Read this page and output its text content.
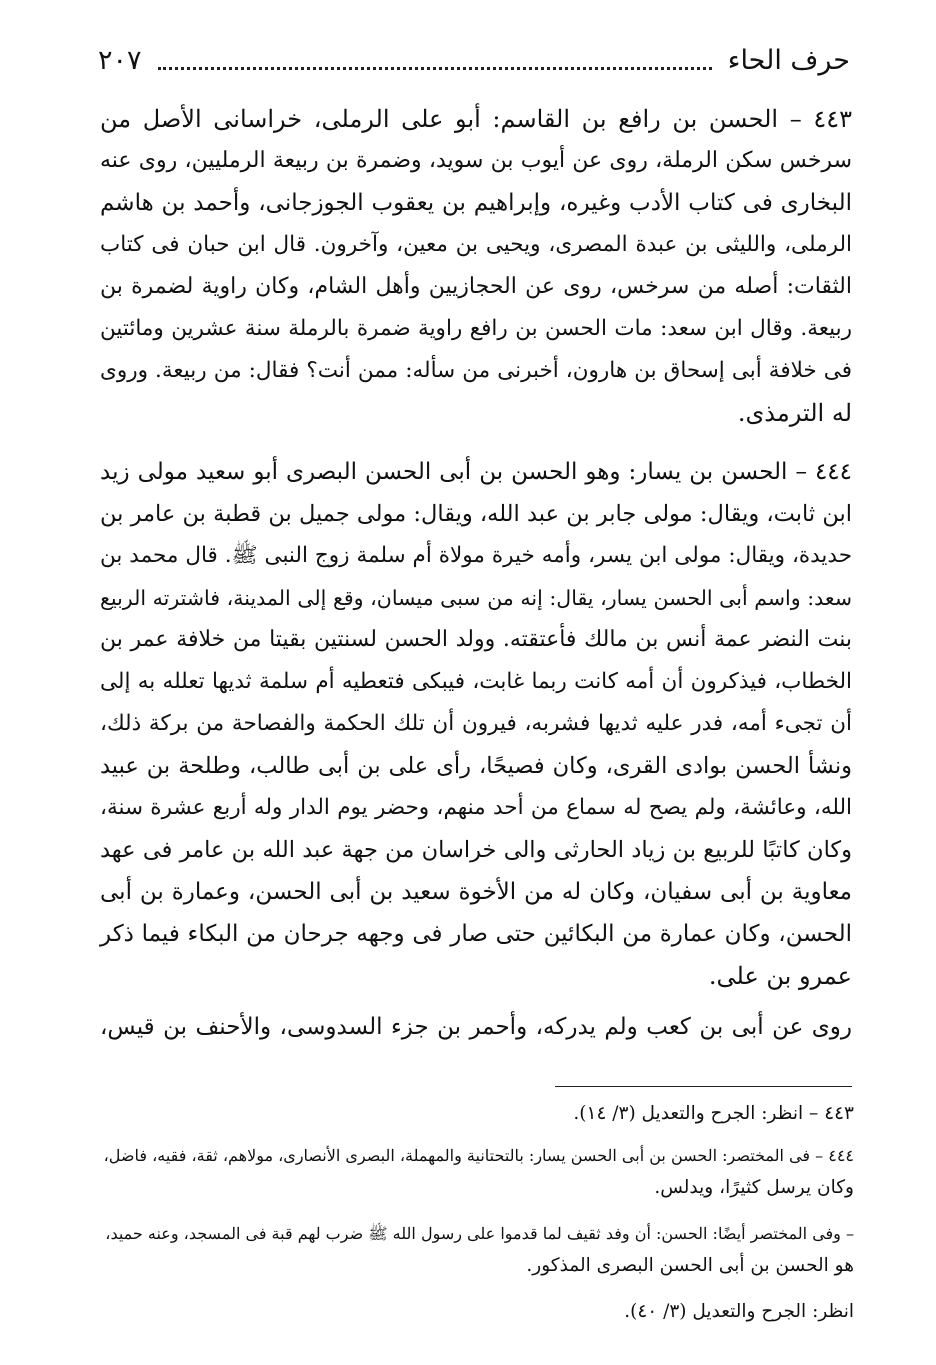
حرف الحاء
٢٠٧
٤٤٣ – الحسن بن رافع بن القاسم: أبو على الرملى، خراسانى الأصل من
سرخس سكن الرملة، روى عن أيوب بن سويد، وضمرة بن ربيعة الرمليين، روى عنه
البخارى فى كتاب الأدب وغيره، وإبراهيم بن يعقوب الجوزجانى، وأحمد بن هاشم
الرملى، والليثى بن عبدة المصرى، ويحيى بن معين، وآخرون. قال ابن حبان فى كتاب
الثقات: أصله من سرخس، روى عن الحجازيين وأهل الشام، وكان راوية لضمرة بن
ربيعة. وقال ابن سعد: مات الحسن بن رافع راوية ضمرة بالرملة سنة عشرين ومائتين
فى خلافة أبى إسحاق بن هارون، أخبرنى من سأله: ممن أنت؟ فقال: من ربيعة. وروى
له الترمذى.
٤٤٤ – الحسن بن يسار: وهو الحسن بن أبى الحسن البصرى أبو سعيد مولى زيد
ابن ثابت، ويقال: مولى جابر بن عبد الله، ويقال: مولى جميل بن قطبة بن عامر بن
حديدة، ويقال: مولى ابن يسر، وأمه خيرة مولاة أم سلمة زوج النبى ﷺ. قال محمد بن
سعد: واسم أبى الحسن يسار، يقال: إنه من سبى ميسان، وقع إلى المدينة، فاشترته الربيع
بنت النضر عمة أنس بن مالك فأعتقته. وولد الحسن لسنتين بقيتا من خلافة عمر بن
الخطاب، فيذكرون أن أمه كانت ربما غابت، فيبكى فتعطيه أم سلمة ثديها تعلله به إلى
أن تجىء أمه، فدر عليه ثديها فشربه، فيرون أن تلك الحكمة والفصاحة من بركة ذلك،
ونشأ الحسن بوادى القرى، وكان فصيحًا، رأى على بن أبى طالب، وطلحة بن عبيد
الله، وعائشة، ولم يصح له سماع من أحد منهم، وحضر يوم الدار وله أربع عشرة سنة،
وكان كاتبًا للربيع بن زياد الحارثى والى خراسان من جهة عبد الله بن عامر فى عهد
معاوية بن أبى سفيان، وكان له من الأخوة سعيد بن أبى الحسن، وعمارة بن أبى
الحسن، وكان عمارة من البكائين حتى صار فى وجهه جرحان من البكاء فيما ذكر
عمرو بن على.
روى عن أبى بن كعب ولم يدركه، وأحمر بن جزء السدوسى، والأحنف بن قيس،
٤٤٣ – انظر: الجرح والتعديل (٣/ ١٤).
٤٤٤ – فى المختصر: الحسن بن أبى الحسن يسار: بالتحتانية والمهملة، البصرى الأنصارى، مولاهم، ثقة، فقيه، فاضل،
وكان يرسل كثيرًا، ويدلس.
– وفى المختصر أيضًا: الحسن: أن وفد ثقيف لما قدموا على رسول الله ﷺ ضرب لهم قبة فى المسجد، وعنه حميد،
هو الحسن بن أبى الحسن البصرى المذكور.
انظر: الجرح والتعديل (٣/ ٤٠).
